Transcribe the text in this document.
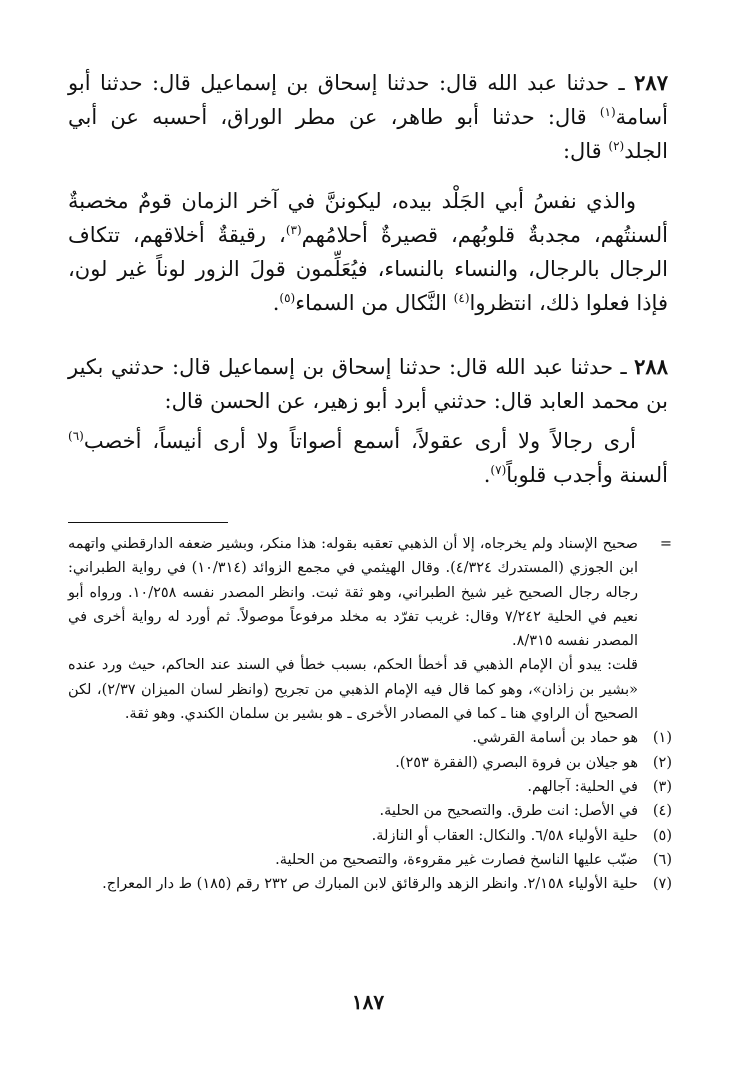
٢٨٧ ـ حدثنا عبد الله قال: حدثنا إسحاق بن إسماعيل قال: حدثنا أبو أسامة$^{(١)}$ قال: حدثنا أبو طاهر، عن مطر الوراق، أحسبه عن أبي الجلد$^{(٢)}$ قال:

والذي نفسُ أبي الجَلْد بيده، ليكوننَّ في آخر الزمان قومٌ مخصبةٌ ألسنتُهم، مجدبةٌ قلوبُهم، قصيرةٌ أحلامُهم$^{(٣)}$، رقيقةٌ أخلاقهم، تتكاف الرجال بالرجال، والنساء بالنساء، فيُعَلِّمون قولَ الزور لوناً غير لون، فإذا فعلوا ذلك، انتظروا$^{(٤)}$ النَّكال من السماء$^{(٥)}$.

٢٨٨ ـ حدثنا عبد الله قال: حدثنا إسحاق بن إسماعيل قال: حدثني بكير بن محمد العابد قال: حدثني أبرد أبو زهير، عن الحسن قال:

أرى رجالاً ولا أرى عقولاً، أسمع أصواتاً ولا أرى أنيساً، أخصب$^{(٦)}$ ألسنة وأجدب قلوباً$^{(٧)}$.

=
صحيح الإسناد ولم يخرجاه، إلا أن الذهبي تعقبه بقوله: هذا منكر، وبشير ضعفه الدارقطني واتهمه ابن الجوزي (المستدرك ٤/٣٢٤). وقال الهيثمي في مجمع الزوائد (١٠/٣١٤) في رواية الطبراني: رجاله رجال الصحيح غير شيخ الطبراني، وهو ثقة ثبت. وانظر المصدر نفسه ١٠/٢٥٨. ورواه أبو نعيم في الحلية ٧/٢٤٢ وقال: غريب تفرّد به مخلد مرفوعاً موصولاً. ثم أورد له رواية أخرى في المصدر نفسه ٨/٣١٥.
قلت: يبدو أن الإمام الذهبي قد أخطأ الحكم، بسبب خطأ في السند عند الحاكم، حيث ورد عنده «بشير بن زاذان»، وهو كما قال فيه الإمام الذهبي من تجريح (وانظر لسان الميزان ٢/٣٧)، لكن الصحيح أن الراوي هنا ـ كما في المصادر الأخرى ـ هو بشير بن سلمان الكندي. وهو ثقة.
(١)
هو حماد بن أسامة القرشي.
(٢)
هو جيلان بن فروة البصري (الفقرة ٢٥٣).
(٣)
في الحلية: آجالهم.
(٤)
في الأصل: انت طرق. والتصحيح من الحلية.
(٥)
حلية الأولياء ٦/٥٨. والنكال: العقاب أو النازلة.
(٦)
ضبّب عليها الناسخ فصارت غير مقروءة، والتصحيح من الحلية.
(٧)
حلية الأولياء ٢/١٥٨. وانظر الزهد والرقائق لابن المبارك ص ٢٣٢ رقم (١٨٥) ط دار المعراج.
١٨٧
